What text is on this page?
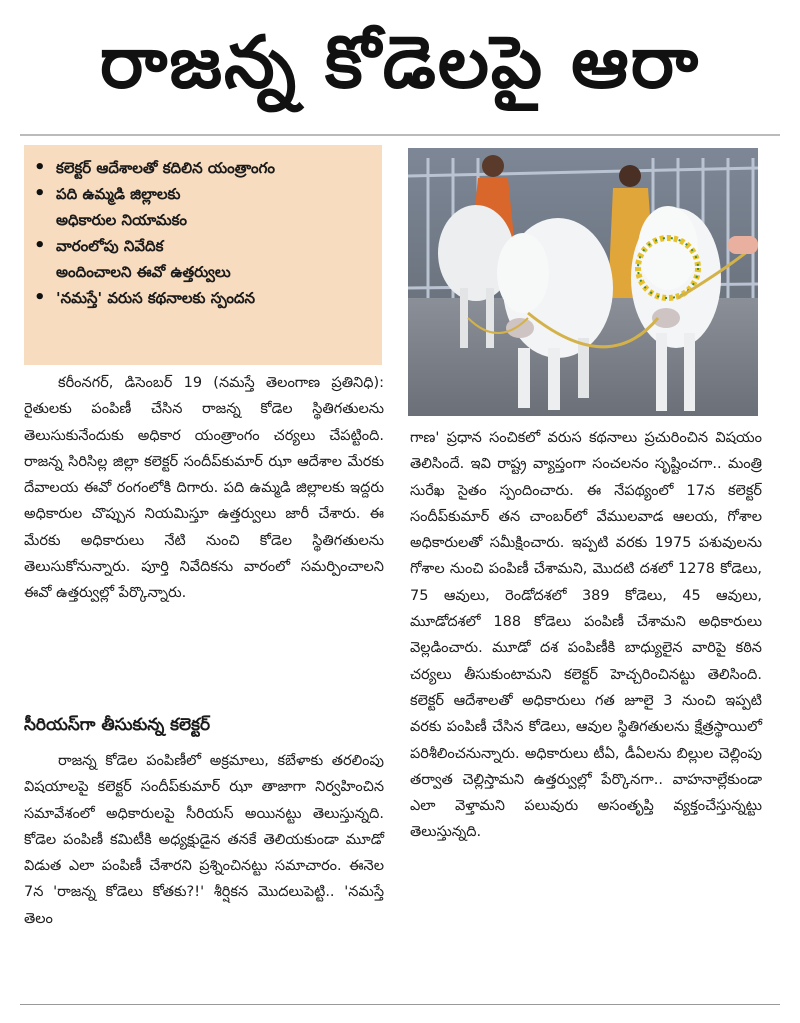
రాజన్న కోడెలపై ఆరా
• కలెక్టర్ ఆదేశాలతో కదిలిన యంత్రాంగం
• పది ఉమ్మడి జిల్లాలకు
అధికారుల నియామకం
• వారంలోపు నివేదిక
అందించాలని ఈవో ఉత్తర్వులు
• 'నమస్తే' వరుస కథనాలకు స్పందన
కరీంనగర్, డిసెంబర్ 19 (నమస్తే తెలంగాణ ప్రతినిధి): రైతులకు పంపిణీ చేసిన రాజన్న కోడెల స్థితిగతులను తెలుసుకునేందుకు అధికార యంత్రాంగం చర్యలు చేపట్టింది. రాజన్న సిరిసిల్ల జిల్లా కలెక్టర్ సందీప్‌కుమార్ ఝా ఆదేశాల మేరకు దేవాలయ ఈవో రంగంలోకి దిగారు. పది ఉమ్మడి జిల్లాలకు ఇద్దరు అధికారుల చొప్పున నియమిస్తూ ఉత్తర్వులు జారీ చేశారు. ఈ మేరకు అధికారులు నేటి నుంచి కోడెల స్థితిగతులను తెలుసుకోనున్నారు. పూర్తి నివేదికను వారంలో సమర్పించాలని ఈవో ఉత్తర్వుల్లో పేర్కొన్నారు.
సీరియస్‌గా తీసుకున్న కలెక్టర్
రాజన్న కోడెల పంపిణీలో అక్రమాలు, కబేళాకు తరలింపు విషయాలపై కలెక్టర్ సందీప్‌కుమార్ ఝా తాజాగా నిర్వహించిన సమావేశంలో అధికారులపై సీరియస్ అయినట్టు తెలుస్తున్నది. కోడెల పంపిణీ కమిటీకి అధ్యక్షుడైన తనకే తెలియకుండా మూడో విడుత ఎలా పంపిణీ చేశారని ప్రశ్నించినట్టు సమాచారం. ఈనెల 7న 'రాజన్న కోడెలు కోతకు?!' శీర్షికన మొదలుపెట్టి.. 'నమస్తే తెలం
గాణ' ప్రధాన సంచికలో వరుస కథనాలు ప్రచురించిన విషయం తెలిసిందే. ఇవి రాష్ట్ర వ్యాప్తంగా సంచలనం సృష్టించగా.. మంత్రి సురేఖ సైతం స్పందించారు. ఈ నేపథ్యంలో 17న కలెక్టర్ సందీప్‌కుమార్ తన చాంబర్‌లో వేములవాడ ఆలయ, గోశాల అధికారులతో సమీక్షించారు. ఇప్పటి వరకు 1975 పశువులను గోశాల నుంచి పంపిణీ చేశామని, మొదటి దశలో 1278 కోడెలు, 75 ఆవులు, రెండోదశలో 389 కోడెలు, 45 ఆవులు, మూడోదశలో 188 కోడెలు పంపిణీ చేశామని అధికారులు వెల్లడించారు. మూడో దశ పంపిణీకి బాధ్యులైన వారిపై కఠిన చర్యలు తీసుకుంటామని కలెక్టర్ హెచ్చరించినట్టు తెలిసింది. కలెక్టర్ ఆదేశాలతో అధికారులు గత జూలై 3 నుంచి ఇప్పటి వరకు పంపిణీ చేసిన కోడెలు, ఆవుల స్థితిగతులను క్షేత్రస్థాయిలో పరిశీలించనున్నారు. అధికారులు టీఏ, డీఏలను బిల్లుల చెల్లింపు తర్వాత చెల్లిస్తామని ఉత్తర్వుల్లో పేర్కొనగా.. వాహనాల్లేకుండా ఎలా వెళ్తామని పలువురు అసంతృప్తి వ్యక్తంచేస్తున్నట్టు తెలుస్తున్నది.
